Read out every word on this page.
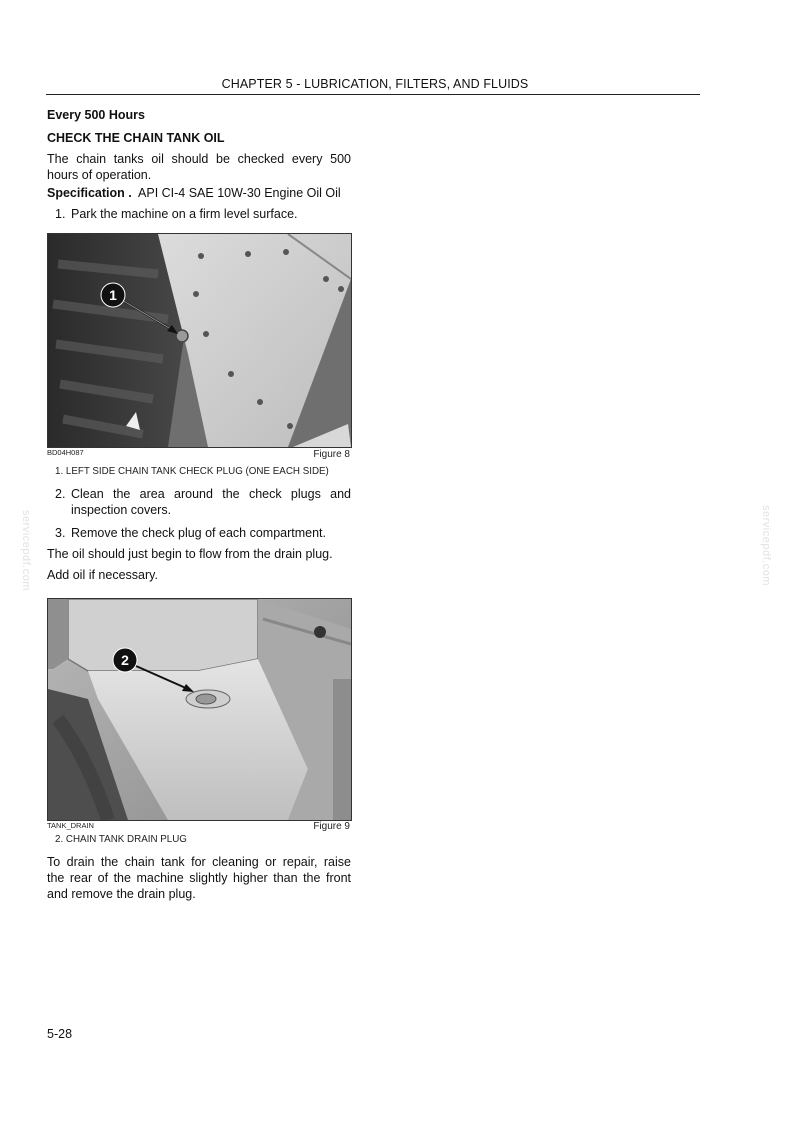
CHAPTER 5 - LUBRICATION, FILTERS, AND FLUIDS
Every 500 Hours
CHECK THE CHAIN TANK OIL
The chain tanks oil should be checked every 500
hours of operation.
Specification . API CI-4 SAE 10W-30 Engine Oil Oil
1. Park the machine on a firm level surface.
1
BD04H087	Figure 8
1. LEFT SIDE CHAIN TANK CHECK PLUG (ONE EACH SIDE)
2. Clean the area around the check plugs and
inspection covers.
3. Remove the check plug of each compartment.
The oil should just begin to flow from the drain plug.
Add oil if necessary.
2
TANK_DRAIN	Figure 9
2. CHAIN TANK DRAIN PLUG
To drain the chain tank for cleaning or repair, raise
the rear of the machine slightly higher than the front
and remove the drain plug.
servicepdf.com	servicepdf.com
5-28
